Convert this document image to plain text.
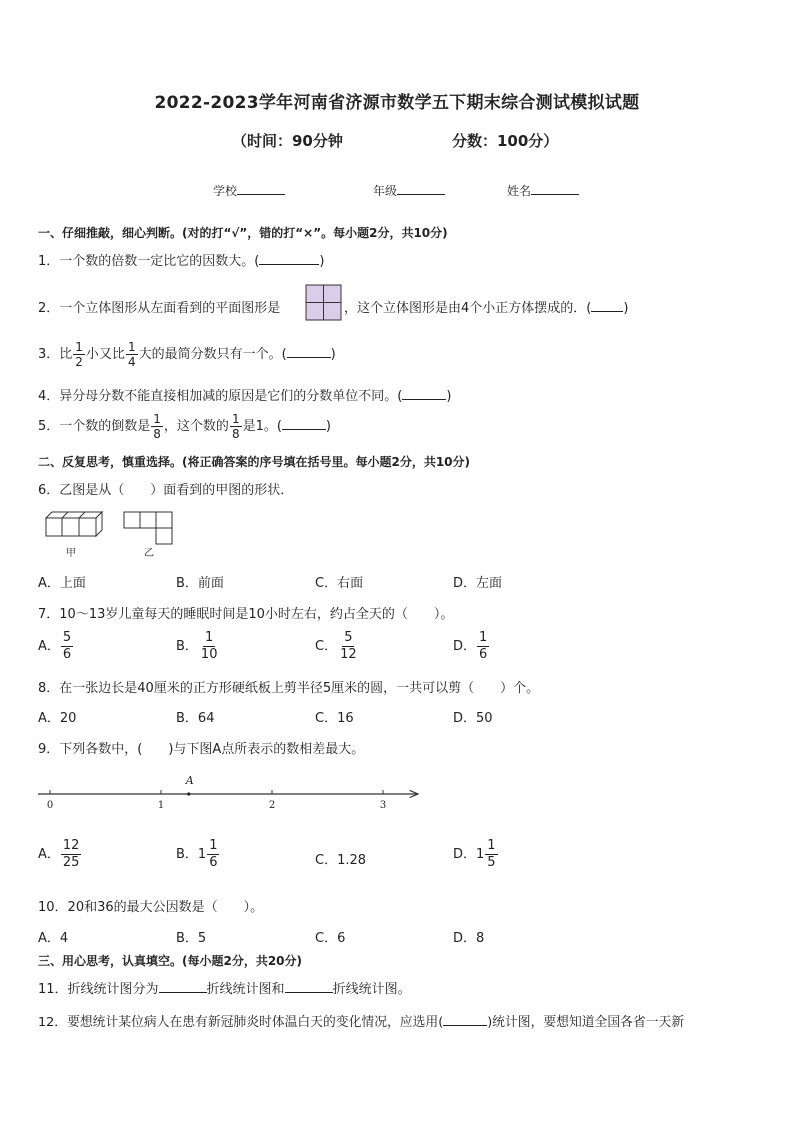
2022-2023学年河南省济源市数学五下期末综合测试模拟试题
（时间：90分钟	分数：100分）
学校	年级	姓名
一、仔细推敲，细心判断。(对的打“√”，错的打“×”。每小题2分，共10分)
1．一个数的倍数一定比它的因数大。(	)
2．一个立体图形从左面看到的平面图形是	，这个立体图形是由4个小正方体摆成的．( )
3．比 $\frac{1}{2}$ 小又比 $\frac{1}{4}$ 大的最简分数只有一个。(	)
4．异分母分数不能直接相加减的原因是它们的分数单位不同。(	)
5．一个数的倒数是 $\frac{1}{8}$ ，这个数的 $\frac{1}{8}$ 是1。(	)
二、反复思考，慎重选择。(将正确答案的序号填在括号里。每小题2分，共10分)
6．乙图是从（　　）面看到的甲图的形状．
甲	乙
A．上面	B．前面	C．右面	D．左面
7．10～13岁儿童每天的睡眠时间是10小时左右，约占全天的（　　）。
A． $\frac{5}{6}$	B． $\frac{1}{10}$	C． $\frac{5}{12}$	D． $\frac{1}{6}$
8．在一张边长是40厘米的正方形硬纸板上剪半径5厘米的圆，一共可以剪（　　）个。
A．20	B．64	C．16	D．50
9．下列各数中，(　　)与下图A点所表示的数相差最大。
0	1	2	3
A
A． $\frac{12}{25}$	B．$1 \frac{1}{6}$	C．1.28	D．$1 \frac{1}{5}$
10．20和36的最大公因数是（　　）。
A．4	B．5	C．6	D．8
三、用心思考，认真填空。(每小题2分，共20分)
11．折线统计图分为	折线统计图和	折线统计图。
12．要想统计某位病人在患有新冠肺炎时体温白天的变化情况，应选用(	)统计图，要想知道全国各省一天新
